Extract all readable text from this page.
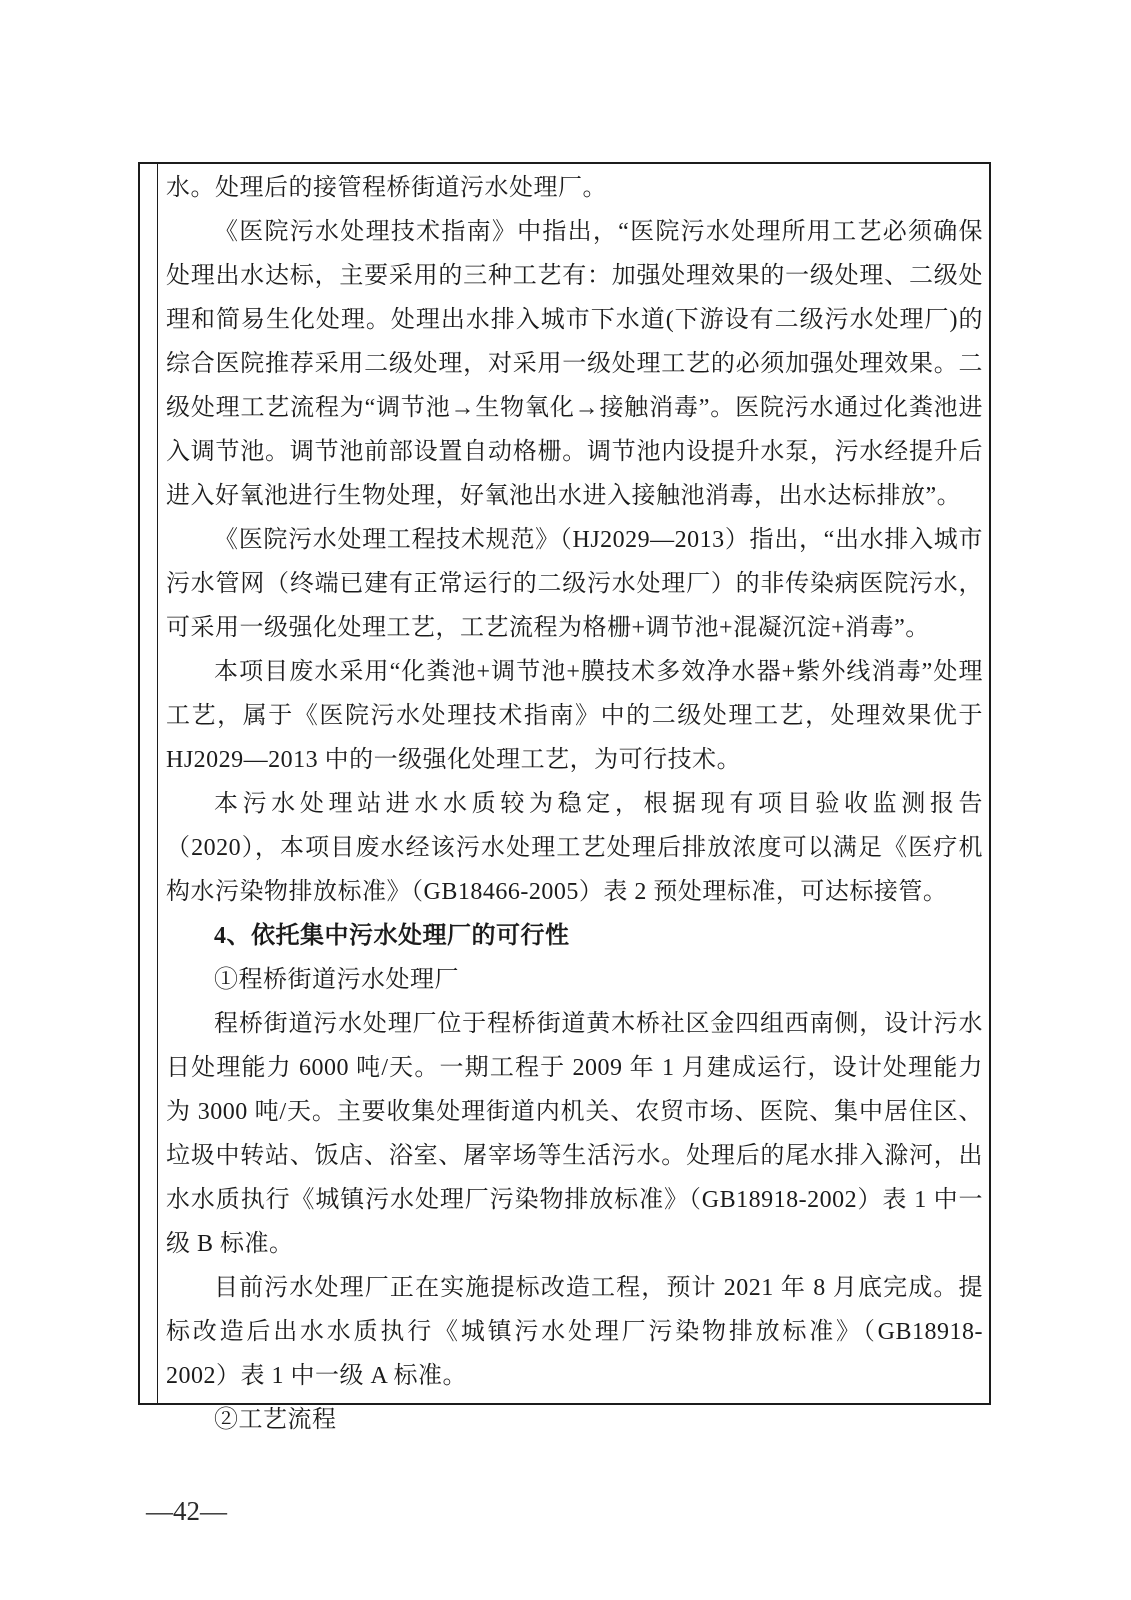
水。处理后的接管程桥街道污水处理厂。

《医院污水处理技术指南》中指出，“医院污水处理所用工艺必须确保处理出水达标，主要采用的三种工艺有：加强处理效果的一级处理、二级处理和简易生化处理。处理出水排入城市下水道(下游设有二级污水处理厂)的综合医院推荐采用二级处理，对采用一级处理工艺的必须加强处理效果。二级处理工艺流程为“调节池→生物氧化→接触消毒”。医院污水通过化粪池进入调节池。调节池前部设置自动格栅。调节池内设提升水泵，污水经提升后进入好氧池进行生物处理，好氧池出水进入接触池消毒，出水达标排放”。

《医院污水处理工程技术规范》（HJ2029—2013）指出，“出水排入城市污水管网（终端已建有正常运行的二级污水处理厂）的非传染病医院污水，可采用一级强化处理工艺，工艺流程为格栅+调节池+混凝沉淀+消毒”。

本项目废水采用“化粪池+调节池+膜技术多效净水器+紫外线消毒”处理工艺，属于《医院污水处理技术指南》中的二级处理工艺，处理效果优于 HJ2029—2013 中的一级强化处理工艺，为可行技术。

本污水处理站进水水质较为稳定，根据现有项目验收监测报告（2020），本项目废水经该污水处理工艺处理后排放浓度可以满足《医疗机构水污染物排放标准》（GB18466-2005）表 2 预处理标准，可达标接管。

4、依托集中污水处理厂的可行性

①程桥街道污水处理厂

程桥街道污水处理厂位于程桥街道黄木桥社区金四组西南侧，设计污水日处理能力 6000 吨/天。一期工程于 2009 年 1 月建成运行，设计处理能力为 3000 吨/天。主要收集处理街道内机关、农贸市场、医院、集中居住区、垃圾中转站、饭店、浴室、屠宰场等生活污水。处理后的尾水排入滁河，出水水质执行《城镇污水处理厂污染物排放标准》（GB18918-2002）表 1 中一级 B 标准。

目前污水处理厂正在实施提标改造工程，预计 2021 年 8 月底完成。提标改造后出水水质执行《城镇污水处理厂污染物排放标准》（GB18918-2002）表 1 中一级 A 标准。

②工艺流程

—42—
